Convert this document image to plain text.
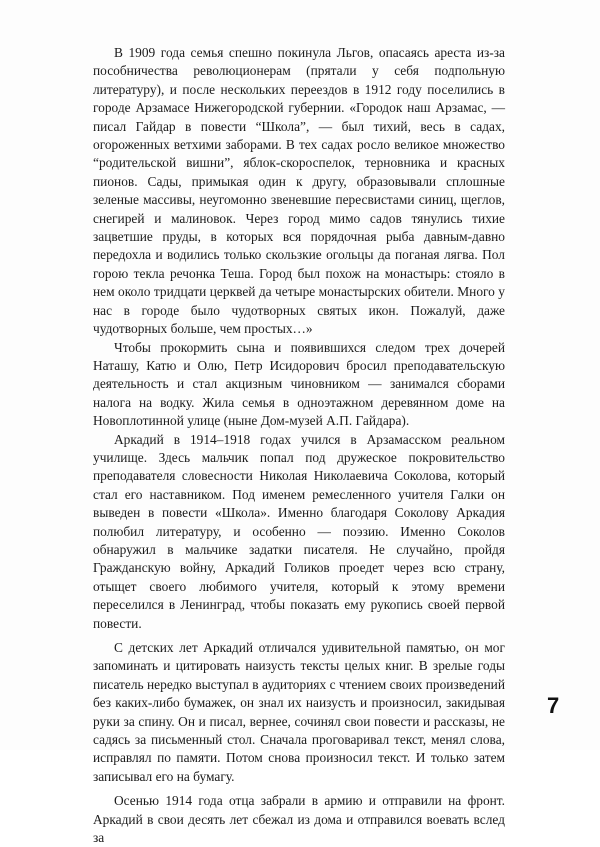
В 1909 года семья спешно покинула Льгов, опасаясь ареста из-за пособничества революционерам (прятали у себя подпольную литературу), и после нескольких переездов в 1912 году поселились в городе Арзамасе Нижегородской губернии. «Городок наш Арзамас, — писал Гайдар в повести “Школа”, — был тихий, весь в садах, огороженных ветхими заборами. В тех садах росло великое множество “родительской вишни”, яблок-скороспелок, терновника и красных пионов. Сады, примыкая один к другу, образовывали сплошные зеленые массивы, неугомонно звеневшие пересвистами синиц, щеглов, снегирей и малиновок. Через город мимо садов тянулись тихие зацветшие пруды, в которых вся порядочная рыба давным-давно передохла и водились только скользкие огольцы да поганая лягва. Пол горою текла речонка Теша. Город был похож на монастырь: стояло в нем около тридцати церквей да четыре монастырских обители. Много у нас в городе было чудотворных святых икон. Пожалуй, даже чудотворных больше, чем простых…»

Чтобы прокормить сына и появившихся следом трех дочерей Наташу, Катю и Олю, Петр Исидорович бросил преподавательскую деятельность и стал акцизным чиновником — занимался сборами налога на водку. Жила семья в одноэтажном деревянном доме на Новоплотинной улице (ныне Дом-музей А.П. Гайдара).

Аркадий в 1914–1918 годах учился в Арзамасском реальном училище. Здесь мальчик попал под дружеское покровительство преподавателя словесности Николая Николаевича Соколова, который стал его наставником. Под именем ремесленного учителя Галки он выведен в повести «Школа». Именно благодаря Соколову Аркадия полюбил литературу, и особенно — поэзию. Именно Соколов обнаружил в мальчике задатки писателя. Не случайно, пройдя Гражданскую войну, Аркадий Голиков проедет через всю страну, отыщет своего любимого учителя, который к этому времени переселился в Ленинград, чтобы показать ему рукопись своей первой повести.

С детских лет Аркадий отличался удивительной памятью, он мог запоминать и цитировать наизусть тексты целых книг. В зрелые годы писатель нередко выступал в аудиториях с чтением своих произведений без каких-либо бумажек, он знал их наизусть и произносил, закидывая руки за спину. Он и писал, вернее, сочинял свои повести и рассказы, не садясь за письменный стол. Сначала проговаривал текст, менял слова, исправлял по памяти. Потом снова произносил текст. И только затем записывал его на бумагу.

Осенью 1914 года отца забрали в армию и отправили на фронт. Аркадий в свои десять лет сбежал из дома и отправился воевать вслед за

7
